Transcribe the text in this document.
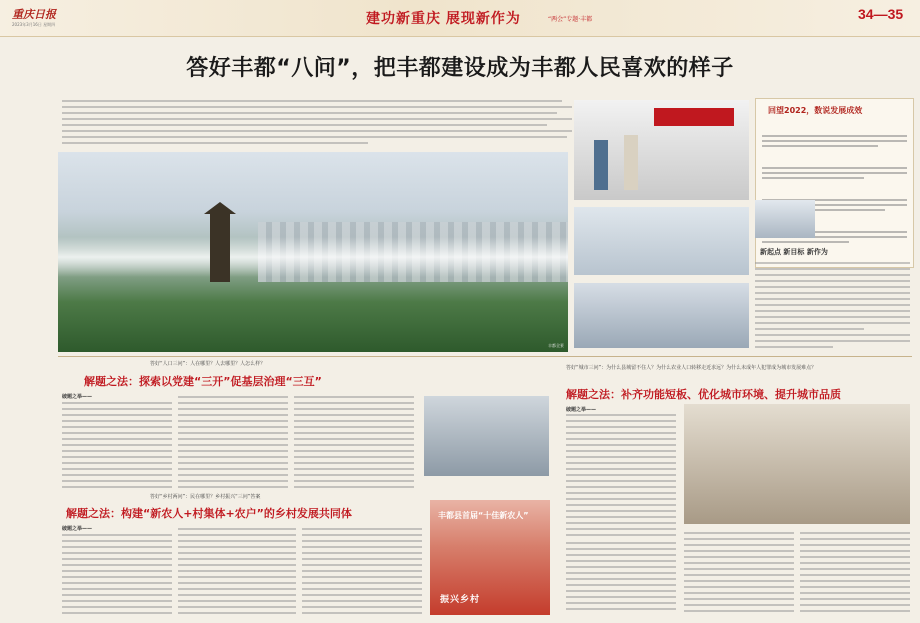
重庆日报
2023年3月16日 星期四	建功新重庆 展现新作为	“两会”专题·丰都	34—35
答好丰都“八问”，把丰都建设成为丰都人民喜欢的样子
丰都全景
回望2022，数说发展成效
新起点 新目标 新作为
答好“人口三问”：人在哪里？人去哪里？人怎么样？
解题之法：探索以党建“三开”促基层治理“三互”
破题之举——
答好“乡村两问”：民在哪里？乡村振兴“三问”答案
解题之法：构建“新农人+村集体+农户”的乡村发展共同体
破题之举——
丰都县首届“十佳新农人”
振兴乡村
答好“城市三问”：为什么县城留不住人？为什么农业人口转移走近求远？为什么未成年人犯罪成为城市发展难点？
解题之法：补齐功能短板、优化城市环境、提升城市品质
破题之举——
